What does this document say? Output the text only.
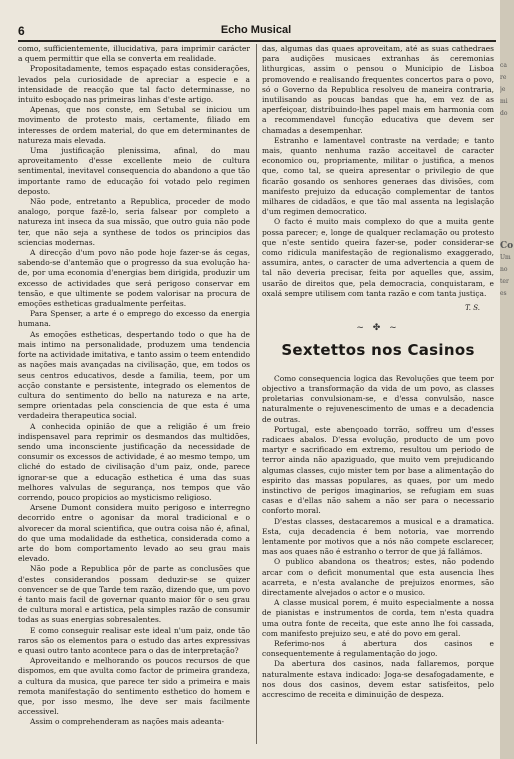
6	Echo Musical

como, sufficientemente, illucidativa, para imprimir carácter a quem permittir que ella se converta em realidade.

Propositadamente, temos espaçado estas considerações, levados pela curiosidade de apreciar a especie e a intensidade de reacção que tal facto determinasse, no intuito esboçado nas primeiras linhas d'este artigo.

Apenas, que nos conste, em Setubal se iniciou um movimento de protesto mais, certamente, filiado em interesses de ordem material, do que em determinantes de natureza mais elevada.

Uma justificação plenissima, afinal, do mau aproveitamento d'esse excellente meio de cultura sentimental, inevitavel consequencia do abandono a que tão importante ramo de educação foi votado pelo regimen deposto.

Não pode, entretanto a Republica, proceder de modo analogo, porque fazê-lo, seria falsear por completo a natureza int inseca da sua missão, que outro guia não pode ter, que não seja a synthese de todos os principios das sciencias modernas.

A direcção d'um povo não pode hoje fazer-se ás cegas, sabendo-se d'antemão que o progresso da sua evolução ha-de, por uma economia d'energias bem dirigida, produzir um excesso de actividades que será perigoso conservar em tensão, e que ultimente se podem valorisar na procura de emoções estheticas gradualmente perfeitas.

Para Spenser, a arte é o emprego do excesso da energia humana.

As emoções estheticas, despertando todo o que ha de mais intimo na personalidade, produzem uma tendencia forte na actividade imitativa, e tanto assim o teem entendido as nações mais avançadas na civilisação, que, em todos os seus centros educativos, desde a familia, teem, por um acção constante e persistente, integrado os elementos de cultura do sentimento do bello na natureza e na arte, sempre orientadas pela consciencia de que esta é uma verdadeira therapeutica social.

A conhecida opinião de que a religião é um freio indispensavel para reprimir os desmandos das multidões, sendo uma inconsciente justificação da necessidade de consumir os excessos de actividade, é ao mesmo tempo, um cliché do estado de civilisação d'um paiz, onde, parece ignorar-se que a educação esthetica é uma das suas melhores valvulas de segurança, nos tempos que vão correndo, pouco propicios ao mysticismo religioso.

Arsene Dumont considera muito perigoso e interregno decorrido entre o agonisar da moral tradicional e o alvorecer da moral scientifica, que outra coisa não é, afinal, do que uma modalidade da esthetica, considerada como a arte do bom comportamento levado ao seu grau mais elevado.

Não pode a Republica pôr de parte as conclusões que d'estes considerandos possam deduzir-se se quizer convencer se de que Tarde tem razão, dizendo que, um povo é tanto mais facil de governar quanto maior fôr o seu grau de cultura moral e artistica, pela simples razão de consumir todas as suas energias sobresalentes.

E como conseguir realisar este ideal n'um paiz, onde tão raros são os elementos para o estudo das artes expressivas e quasi outro tanto acontece para o das de interpretação?

Aproveitando e melhorando os poucos recursos de que dispomos, em que avulta como factor de primeira grandeza, a cultura da musica, que parece ter sido a primeira e mais remota manifestação do sentimento esthetico do homem e que, por isso mesmo, lhe deve ser mais facilmente accessivel.

Assim o comprehenderam as nações mais adeanta-

das, algumas das quaes aproveitam, até as suas cathedraes para audições musicaes extranhas ás ceremonias lithurgicas, assim o pensou o Municipio de Lisboa promovendo e realisando frequentes concertos para o povo, só o Governo da Republica resolveu de maneira contraria, inutilisando as poucas bandas que ha, em vez de as aperfeiçoar, distribuindo-lhes papel mais em harmonia com a recommendavel funcção educativa que devem ser chamadas a desempenhar.

Estranho e lamentavel contraste na verdade; e tanto mais, quanto nenhuma razão acceitavel de caracter economico ou, propriamente, militar o justifica, a menos que, como tal, se queira apresentar o privilegio de que ficarão gosando os senhores generaes das divisões, com manifesto prejuizo da educação complementar de tantos milhares de cidadãos, e que tão mal assenta na legislação d'um regimen democratico.

O facto é muito mais complexo do que a muita gente possa parecer; e, longe de qualquer reclamação ou protesto que n'este sentido queira fazer-se, poder considerar-se como ridicula manifestação de regionalismo exaggerado, assumira, antes, o caracter de uma advertencia a quem de tal não deveria precisar, feita por aquelles que, assim, usarão de direitos que, pela democracia, conquistaram, e oxalá sempre utilisem com tanta razão e com tanta justiça.

T. S.
~ ✤ ~
Sextettos nos Casinos

Como consequencia logica das Revoluções que teem por objectivo a transformação da vida de um povo, as classes proletarias convulsionam-se, e d'essa convulsão, nasce naturalmente o rejuvenescimento de umas e a decadencia de outras.

Portugal, este abençoado torrão, soffreu um d'esses radicaes abalos. D'essa evolução, producto de um povo martyr e sacrificado em extremo, resultou um periodo de terror ainda não apaziguado, que muito vem prejudicando algumas classes, cujo mister tem por base a alimentação do espirito das massas populares, as quaes, por um medo instinctivo de perigos imaginarios, se refugiam em suas casas e d'ellas não sahem a não ser para o necessario conforto moral.

D'estas classes, destacaremos a musical e a dramatica. Esta, cuja decadencia é bem notoria, vae morrendo lentamente por motivos que a nós não compete esclarecer, mas aos quaes não é estranho o terror de que já fallámos.

O publico abandona os theatros; estes, não podendo arcar com o deficit monumental que esta ausencia lhes acarreta, e n'esta avalanche de prejuizos enormes, são directamente alvejados o actor e o musico.

A classe musical porem, é muito especialmente a nossa de pianistas e instrumentos de corda, tem n'esta quadra uma outra fonte de receita, que este anno lhe foi cassada, com manifesto prejuizo seu, e até do povo em geral.

Referimo-nos á abertura dos casinos e consequentemente á regulamentação do jogo.

Da abertura dos casinos, nada fallaremos, porque naturalmente estava indicado: Joga-se desafogadamente, e nos dous dos casinos, devem estar satisfeitos, pelo accrescimo de receita e diminuição de despeza.

ca
re
je
mi
do
Co
Um
no
ter
es
